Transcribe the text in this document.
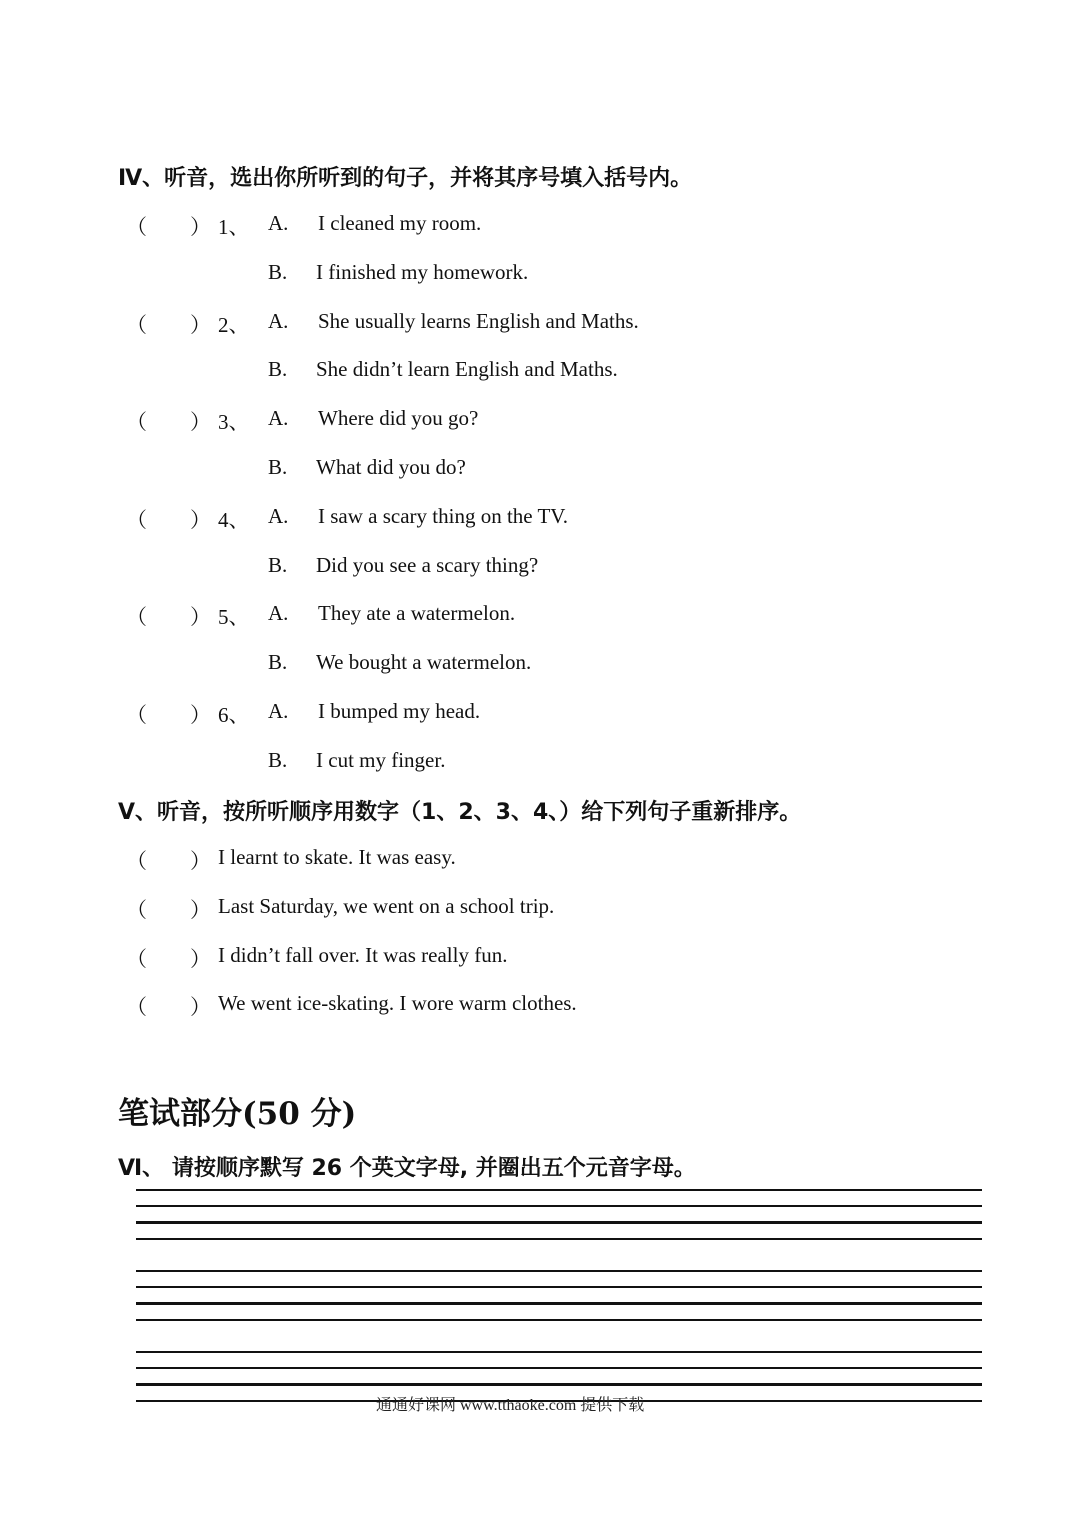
Ⅳ、听音，选出你所听到的句子，并将其序号填入括号内。
（ ） 1、 A. I cleaned my room.
B. I finished my homework.
（ ） 2、 A. She usually learns English and Maths.
B. She didn’t learn English and Maths.
（ ） 3、 A. Where did you go?
B. What did you do?
（ ） 4、 A. I saw a scary thing on the TV.
B. Did you see a scary thing?
（ ） 5、 A. They ate a watermelon.
B. We bought a watermelon.
（ ） 6、 A. I bumped my head.
B. I cut my finger.
Ⅴ、听音，按所听顺序用数字（1、2、3、4、）给下列句子重新排序。
（ ） I learnt to skate. It was easy.
（ ） Last Saturday, we went on a school trip.
（ ） I didn’t fall over. It was really fun.
（ ） We went ice-skating. I wore warm clothes.
笔试部分(50 分)
Ⅵ、 请按顺序默写 26 个英文字母, 并圈出五个元音字母。
通通好课网 www.tthaoke.com 提供下载
